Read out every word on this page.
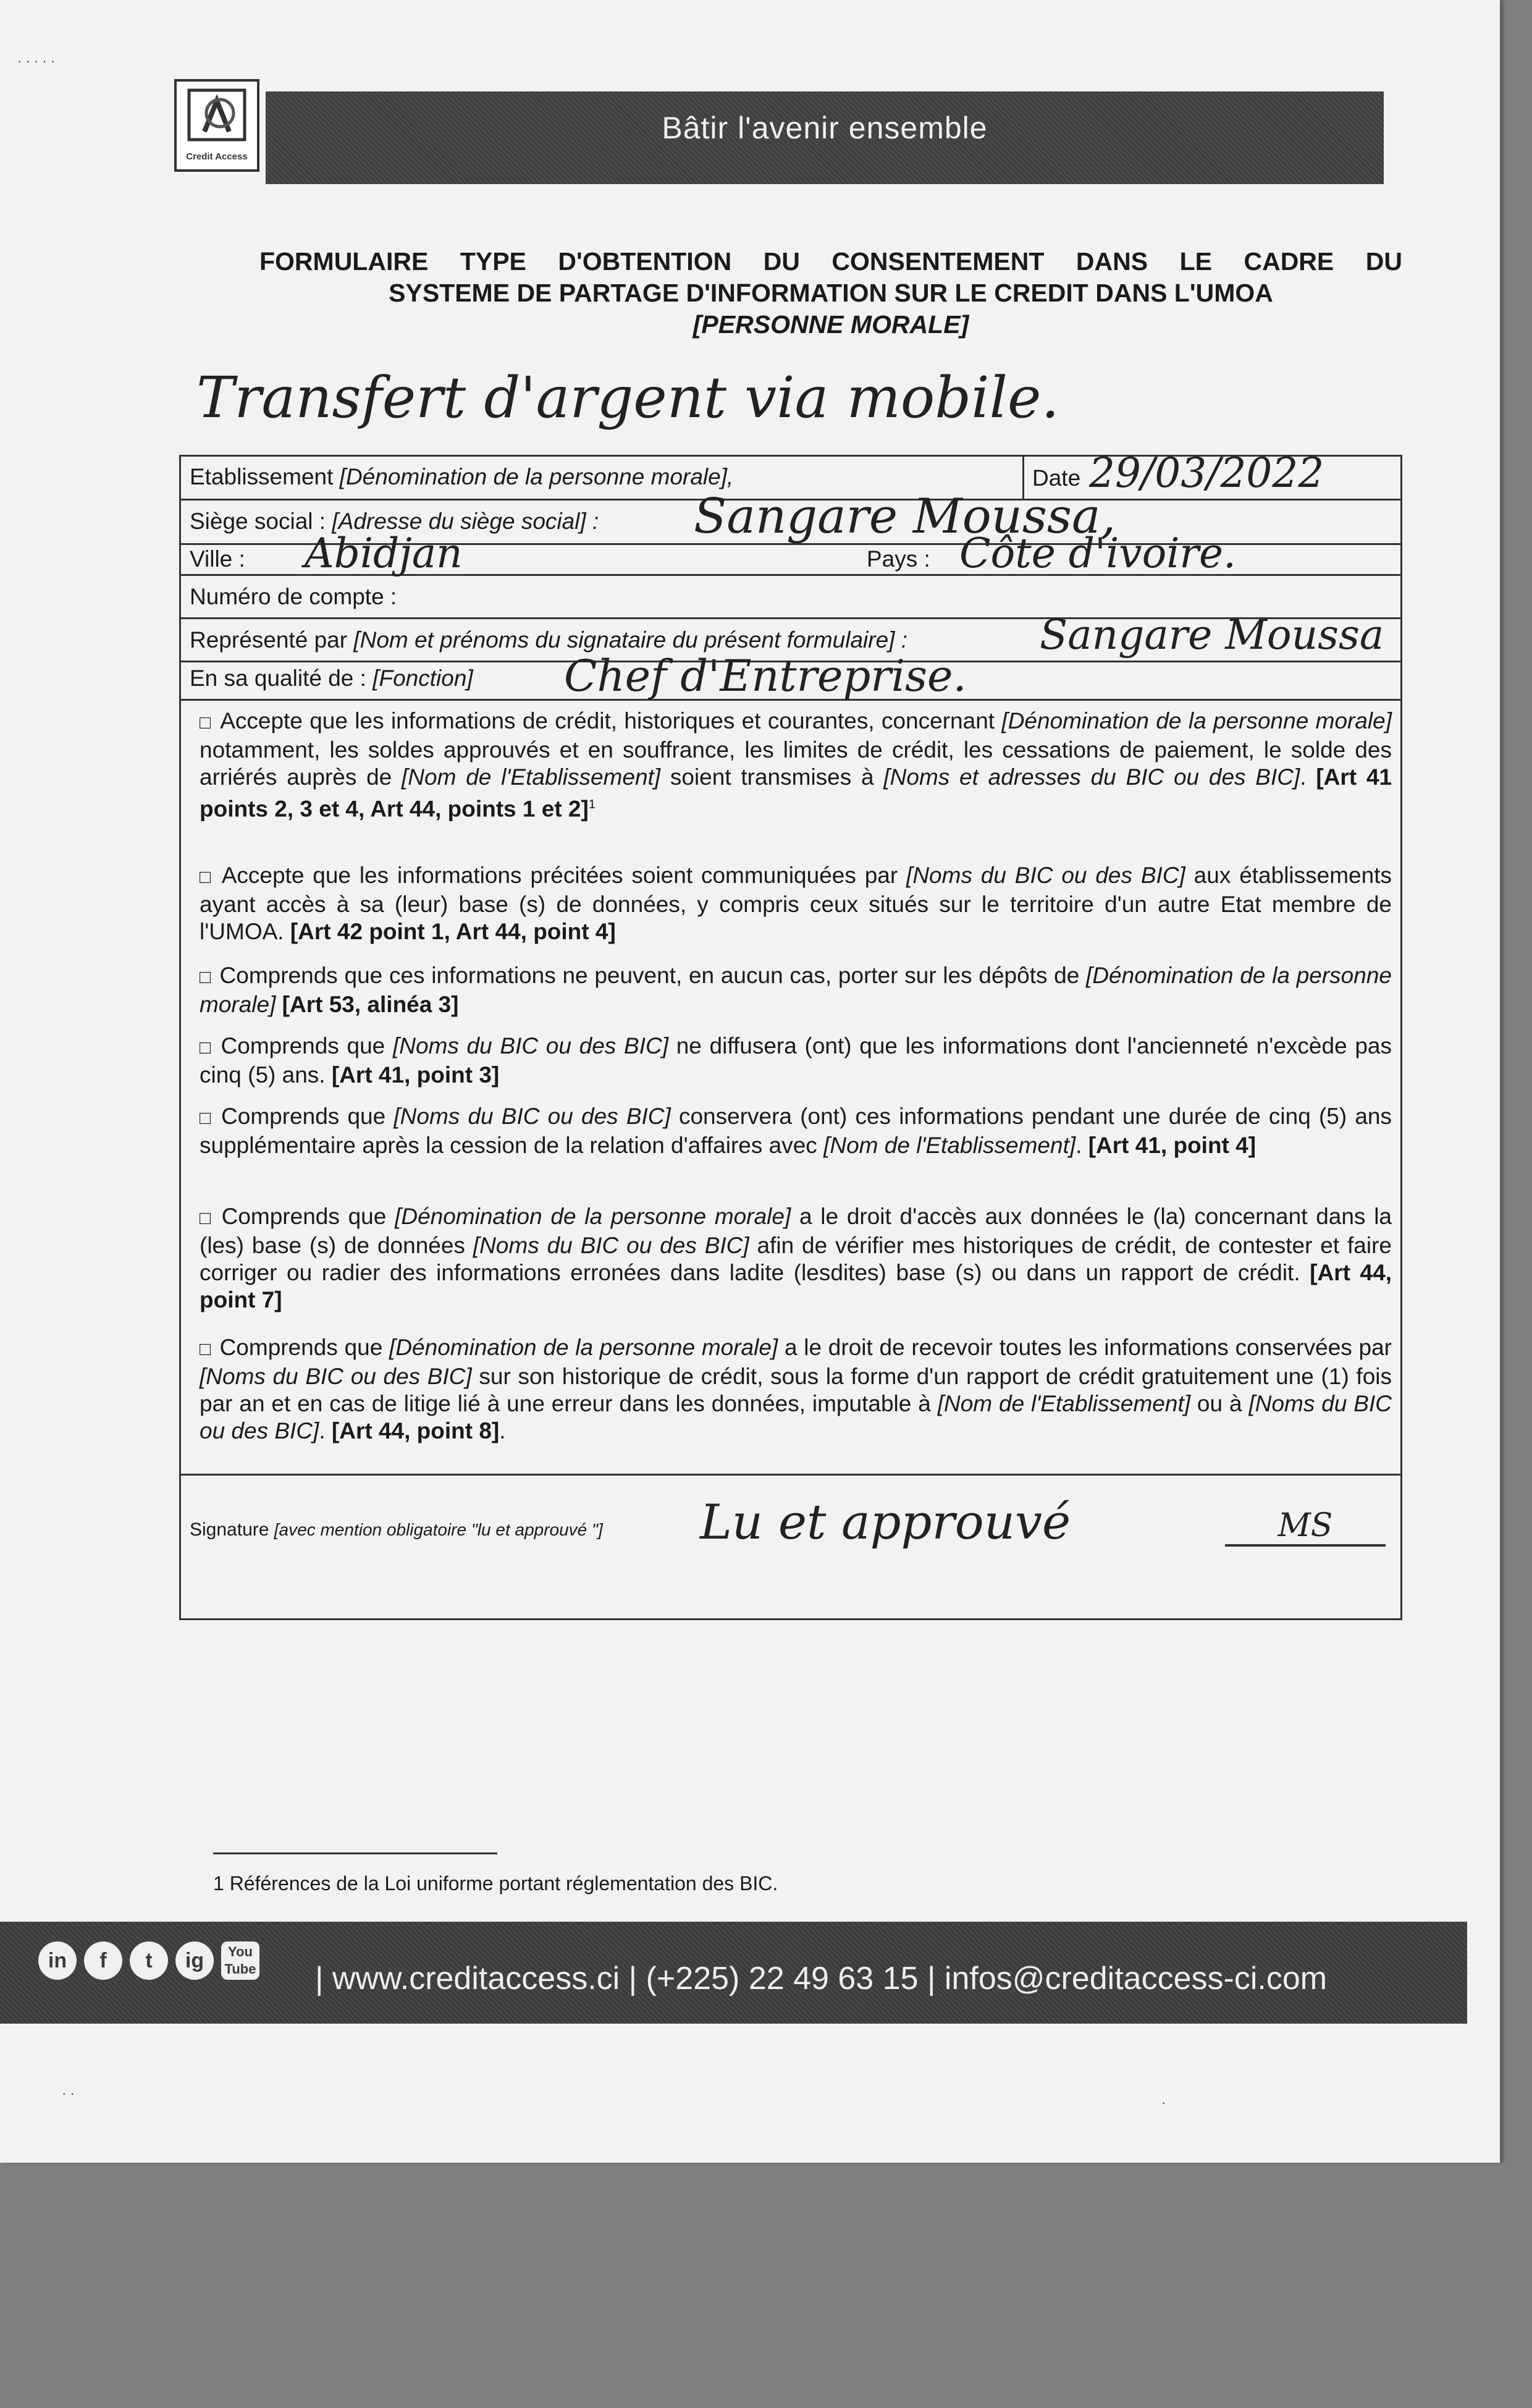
· · · · ·
Credit Access
Bâtir l'avenir ensemble
FORMULAIRE TYPE D'OBTENTION DU CONSENTEMENT DANS LE CADRE DU
SYSTEME DE PARTAGE D'INFORMATION SUR LE CREDIT DANS L'UMOA
[PERSONNE MORALE]
Transfert d'argent via mobile.
Etablissement [Dénomination de la personne morale],	Date 29/03/2022
Siège social : [Adresse du siège social] : Sangare Moussa,
Ville : Abidjan	Pays : Côte d'ivoire.
Numéro de compte :
Représenté par [Nom et prénoms du signataire du présent formulaire] :	Sangare Moussa
En sa qualité de : [Fonction] Chef d'Entreprise.
□ Accepte que les informations de crédit, historiques et courantes, concernant [Dénomination de la personne morale] notamment, les soldes approuvés et en souffrance, les limites de crédit, les cessations de paiement, le solde des arriérés auprès de [Nom de l'Etablissement] soient transmises à [Noms et adresses du BIC ou des BIC]. [Art 41 points 2, 3 et 4, Art 44, points 1 et 2]$^1$
□ Accepte que les informations précitées soient communiquées par [Noms du BIC ou des BIC] aux établissements ayant accès à sa (leur) base (s) de données, y compris ceux situés sur le territoire d'un autre Etat membre de l'UMOA. [Art 42 point 1, Art 44, point 4]
□ Comprends que ces informations ne peuvent, en aucun cas, porter sur les dépôts de [Dénomination de la personne morale] [Art 53, alinéa 3]
□ Comprends que [Noms du BIC ou des BIC] ne diffusera (ont) que les informations dont l'ancienneté n'excède pas cinq (5) ans. [Art 41, point 3]
□ Comprends que [Noms du BIC ou des BIC] conservera (ont) ces informations pendant une durée de cinq (5) ans supplémentaire après la cession de la relation d'affaires avec [Nom de l'Etablissement]. [Art 41, point 4]
□ Comprends que [Dénomination de la personne morale] a le droit d'accès aux données le (la) concernant dans la (les) base (s) de données [Noms du BIC ou des BIC] afin de vérifier mes historiques de crédit, de contester et faire corriger ou radier des informations erronées dans ladite (lesdites) base (s) ou dans un rapport de crédit. [Art 44, point 7]
□ Comprends que [Dénomination de la personne morale] a le droit de recevoir toutes les informations conservées par [Noms du BIC ou des BIC] sur son historique de crédit, sous la forme d'un rapport de crédit gratuitement une (1) fois par an et en cas de litige lié à une erreur dans les données, imputable à [Nom de l'Etablissement] ou à [Noms du BIC ou des BIC]. [Art 44, point 8].
Signature [avec mention obligatoire "lu et approuvé "] Lu et approuvé	MS
1 Références de la Loi uniforme portant réglementation des BIC.
· ·
·
in	f	t	ig	You Tube | www.creditaccess.ci | (+225) 22 49 63 15 | infos@creditaccess-ci.com
